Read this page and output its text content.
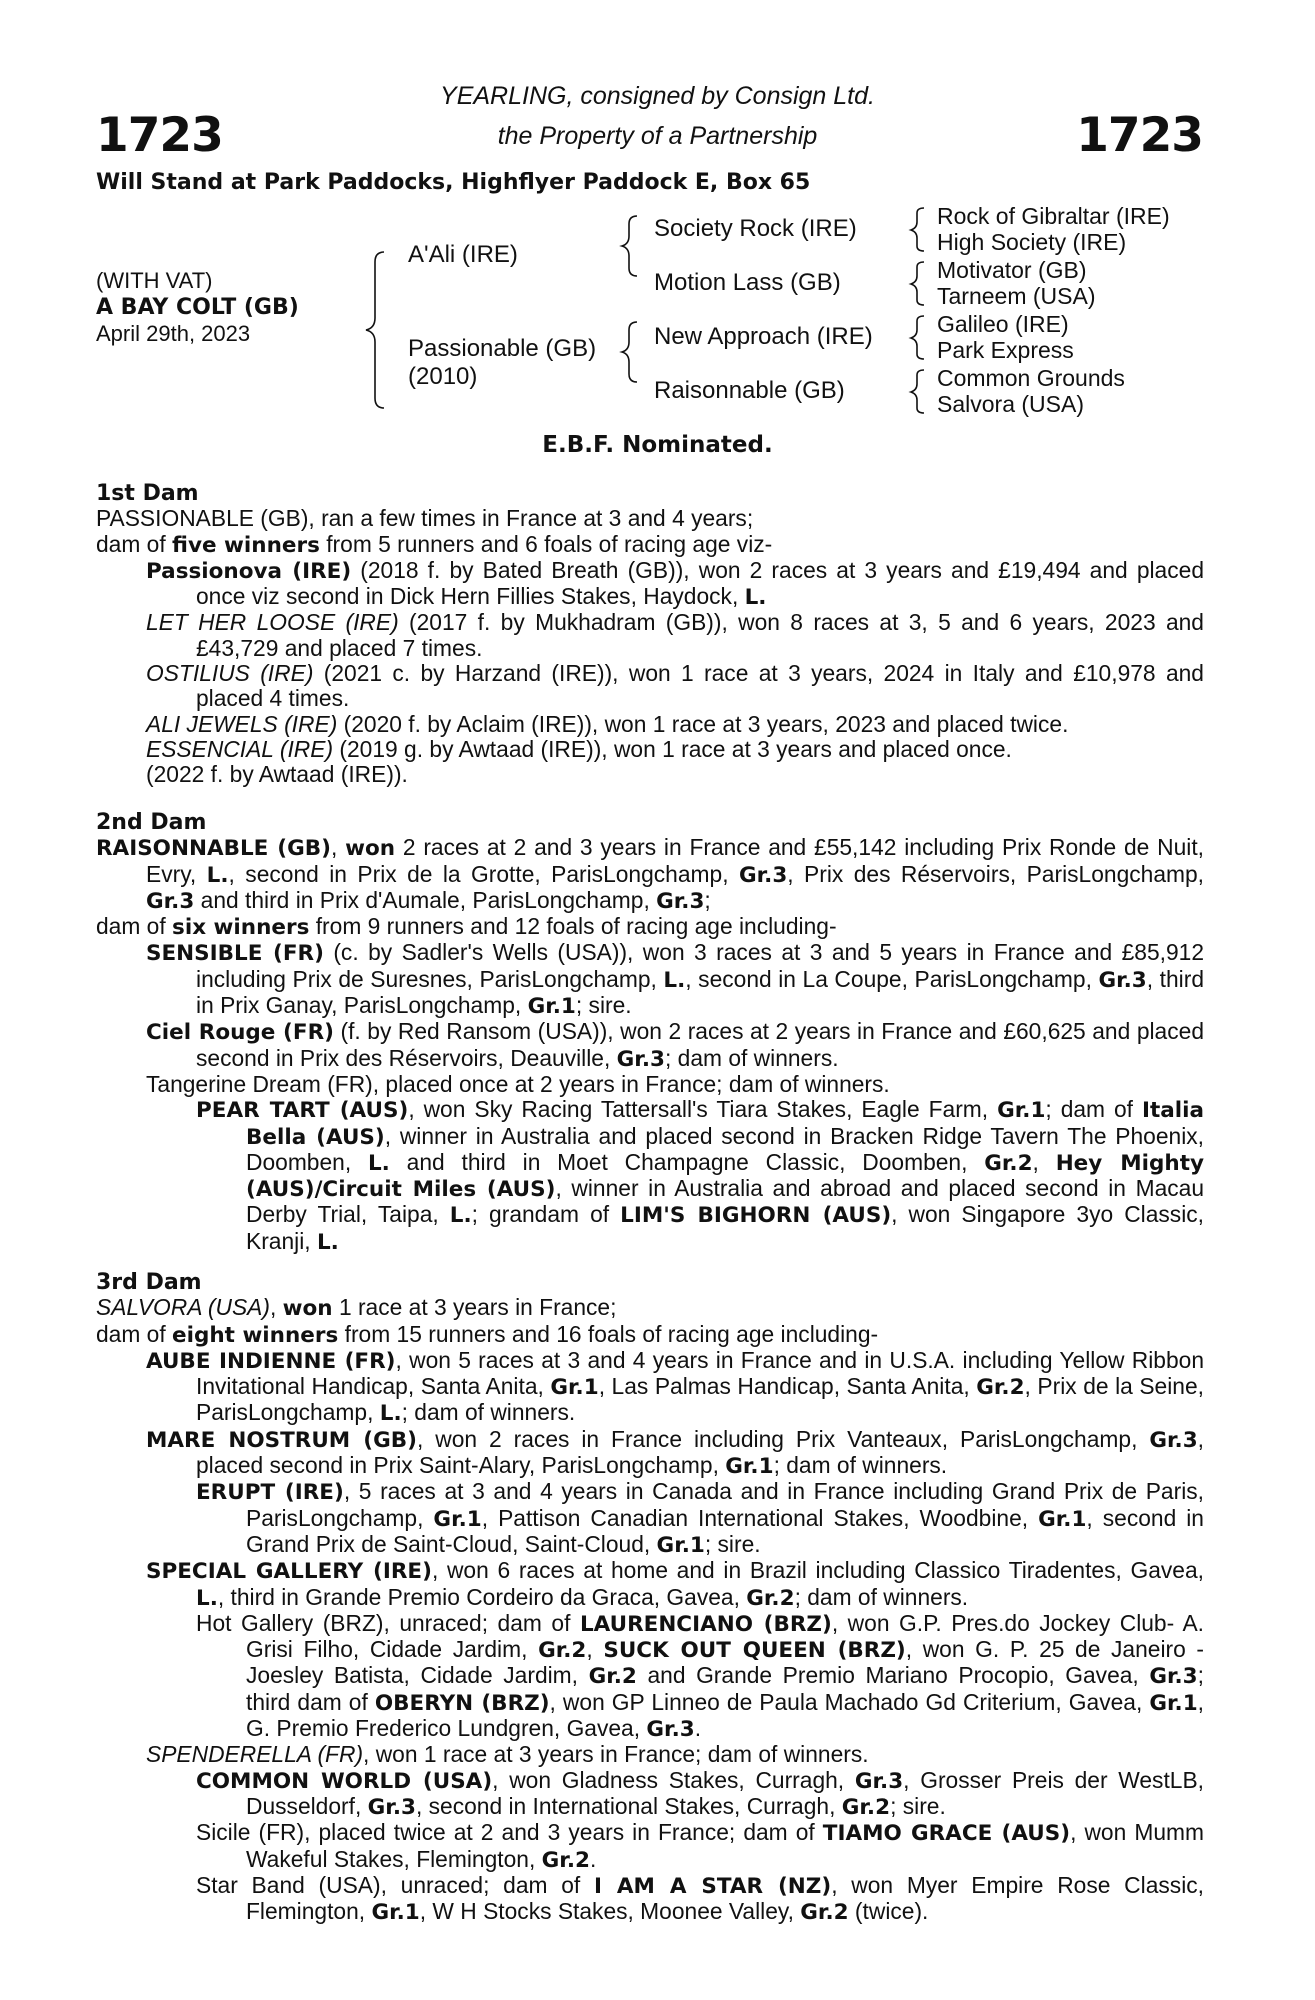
1723	1723
YEARLING, consigned by Consign Ltd.
the Property of a Partnership
Will Stand at Park Paddocks, Highflyer Paddock E, Box 65
(WITH VAT)
A BAY COLT (GB)
April 29th, 2023
A'Ali (IRE)
Passionable (GB)
(2010)
Society Rock (IRE)
Motion Lass (GB)
New Approach (IRE)
Raisonnable (GB)
Rock of Gibraltar (IRE)
High Society (IRE)
Motivator (GB)
Tarneem (USA)
Galileo (IRE)
Park Express
Common Grounds
Salvora (USA)
E.B.F. Nominated.
1st Dam

PASSIONABLE (GB), ran a few times in France at 3 and 4 years;

dam of five winners from 5 runners and 6 foals of racing age viz-

Passionova (IRE) (2018 f. by Bated Breath (GB)), won 2 races at 3 years and £19,494 and placed once viz second in Dick Hern Fillies Stakes, Haydock, L.

LET HER LOOSE (IRE) (2017 f. by Mukhadram (GB)), won 8 races at 3, 5 and 6 years, 2023 and £43,729 and placed 7 times.

OSTILIUS (IRE) (2021 c. by Harzand (IRE)), won 1 race at 3 years, 2024 in Italy and £10,978 and placed 4 times.

ALI JEWELS (IRE) (2020 f. by Aclaim (IRE)), won 1 race at 3 years, 2023 and placed twice.

ESSENCIAL (IRE) (2019 g. by Awtaad (IRE)), won 1 race at 3 years and placed once.

(2022 f. by Awtaad (IRE)).

2nd Dam

RAISONNABLE (GB), won 2 races at 2 and 3 years in France and £55,142 including Prix Ronde de Nuit, Evry, L., second in Prix de la Grotte, ParisLongchamp, Gr.3, Prix des Réservoirs, ParisLongchamp, Gr.3 and third in Prix d'Aumale, ParisLongchamp, Gr.3;

dam of six winners from 9 runners and 12 foals of racing age including-

SENSIBLE (FR) (c. by Sadler's Wells (USA)), won 3 races at 3 and 5 years in France and £85,912 including Prix de Suresnes, ParisLongchamp, L., second in La Coupe, ParisLongchamp, Gr.3, third in Prix Ganay, ParisLongchamp, Gr.1; sire.

Ciel Rouge (FR) (f. by Red Ransom (USA)), won 2 races at 2 years in France and £60,625 and placed second in Prix des Réservoirs, Deauville, Gr.3; dam of winners.

Tangerine Dream (FR), placed once at 2 years in France; dam of winners.

PEAR TART (AUS), won Sky Racing Tattersall's Tiara Stakes, Eagle Farm, Gr.1; dam of Italia Bella (AUS), winner in Australia and placed second in Bracken Ridge Tavern The Phoenix, Doomben, L. and third in Moet Champagne Classic, Doomben, Gr.2, Hey Mighty (AUS)/Circuit Miles (AUS), winner in Australia and abroad and placed second in Macau Derby Trial, Taipa, L.; grandam of LIM'S BIGHORN (AUS), won Singapore 3yo Classic, Kranji, L.

3rd Dam

SALVORA (USA), won 1 race at 3 years in France;

dam of eight winners from 15 runners and 16 foals of racing age including-

AUBE INDIENNE (FR), won 5 races at 3 and 4 years in France and in U.S.A. including Yellow Ribbon Invitational Handicap, Santa Anita, Gr.1, Las Palmas Handicap, Santa Anita, Gr.2, Prix de la Seine, ParisLongchamp, L.; dam of winners.

MARE NOSTRUM (GB), won 2 races in France including Prix Vanteaux, ParisLongchamp, Gr.3, placed second in Prix Saint-Alary, ParisLongchamp, Gr.1; dam of winners.

ERUPT (IRE), 5 races at 3 and 4 years in Canada and in France including Grand Prix de Paris, ParisLongchamp, Gr.1, Pattison Canadian International Stakes, Woodbine, Gr.1, second in Grand Prix de Saint-Cloud, Saint-Cloud, Gr.1; sire.

SPECIAL GALLERY (IRE), won 6 races at home and in Brazil including Classico Tiradentes, Gavea, L., third in Grande Premio Cordeiro da Graca, Gavea, Gr.2; dam of winners.

Hot Gallery (BRZ), unraced; dam of LAURENCIANO (BRZ), won G.P. Pres.do Jockey Club- A. Grisi Filho, Cidade Jardim, Gr.2, SUCK OUT QUEEN (BRZ), won G. P. 25 de Janeiro - Joesley Batista, Cidade Jardim, Gr.2 and Grande Premio Mariano Procopio, Gavea, Gr.3; third dam of OBERYN (BRZ), won GP Linneo de Paula Machado Gd Criterium, Gavea, Gr.1, G. Premio Frederico Lundgren, Gavea, Gr.3.

SPENDERELLA (FR), won 1 race at 3 years in France; dam of winners.

COMMON WORLD (USA), won Gladness Stakes, Curragh, Gr.3, Grosser Preis der WestLB, Dusseldorf, Gr.3, second in International Stakes, Curragh, Gr.2; sire.

Sicile (FR), placed twice at 2 and 3 years in France; dam of TIAMO GRACE (AUS), won Mumm Wakeful Stakes, Flemington, Gr.2.

Star Band (USA), unraced; dam of I AM A STAR (NZ), won Myer Empire Rose Classic, Flemington, Gr.1, W H Stocks Stakes, Moonee Valley, Gr.2 (twice).
